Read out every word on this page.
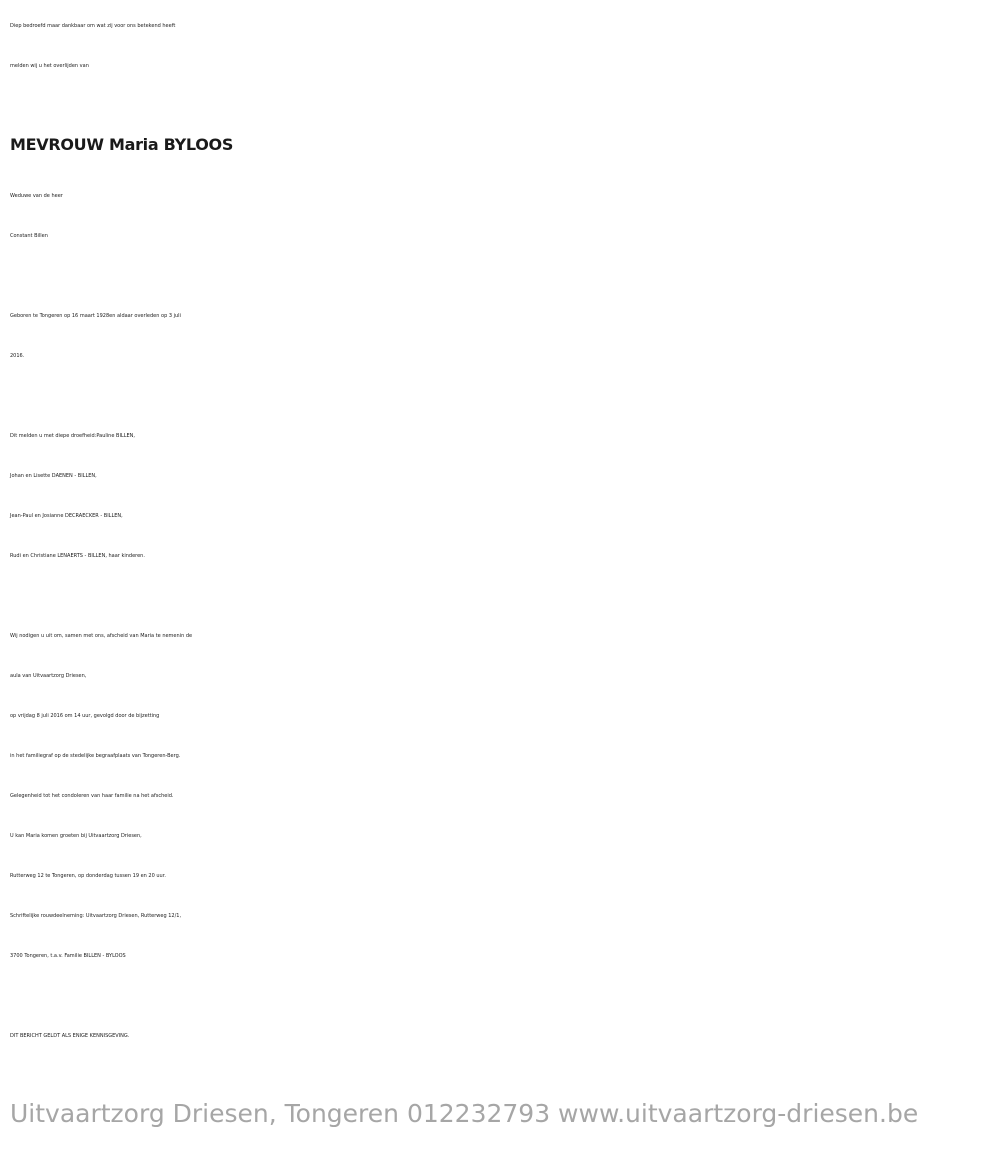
Diep bedroefd maar dankbaar om wat zij voor ons betekend heeft
melden wij u het overlijden van
MEVROUW Maria BYLOOS
Weduwe van de heer
Constant Billen
Geboren te Tongeren op 16 maart 1928en aldaar overleden op 3 juli
2016.
Dit melden u met diepe droefheid:Pauline BILLEN,
Johan en Lisette DAENEN - BILLEN,
Jean-Paul en Josianne DECRAECKER - BILLEN,
Rudi en Christiane LENAERTS - BILLEN, haar kinderen.
Wij nodigen u uit om, samen met ons, afscheid van Maria te nemenin de
aula van Uitvaartzorg Driesen,
op vrijdag 8 juli 2016 om 14 uur, gevolgd door de bijzetting
in het familiegraf op de stedelijke begraafplaats van Tongeren-Berg.
Gelegenheid tot het condoleren van haar familie na het afscheid.
U kan Maria komen groeten bij Uitvaartzorg Driesen,
Rutterweg 12 te Tongeren, op donderdag tussen 19 en 20 uur.
Schriftelijke rouwdeelneming: Uitvaartzorg Driesen, Rutterweg 12/1,
3700 Tongeren, t.a.v. Familie BILLEN - BYLOOS
DIT BERICHT GELDT ALS ENIGE KENNISGEVING.
Uitvaartzorg Driesen, Tongeren 012232793 www.uitvaartzorg-driesen.be
